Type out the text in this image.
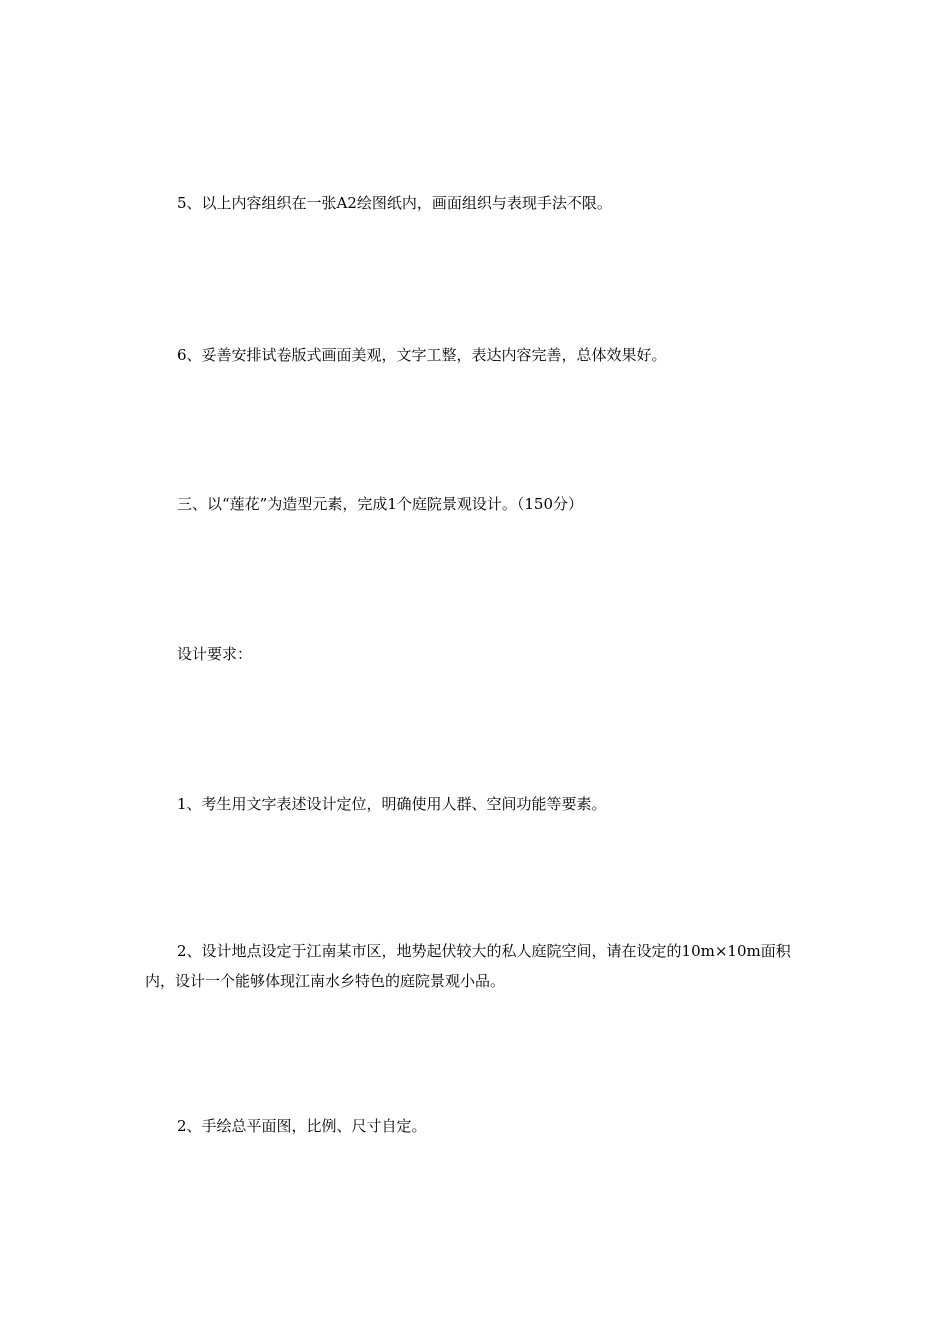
5、以上内容组织在一张A2绘图纸内，画面组织与表现手法不限。

6、妥善安排试卷版式画面美观，文字工整，表达内容完善，总体效果好。

三、以“莲花”为造型元素，完成1个庭院景观设计。（150分）

设计要求：

1、考生用文字表述设计定位，明确使用人群、空间功能等要素。

2、设计地点设定于江南某市区，地势起伏较大的私人庭院空间，请在设定的10m×10m面积内，设计一个能够体现江南水乡特色的庭院景观小品。

2、手绘总平面图，比例、尺寸自定。
